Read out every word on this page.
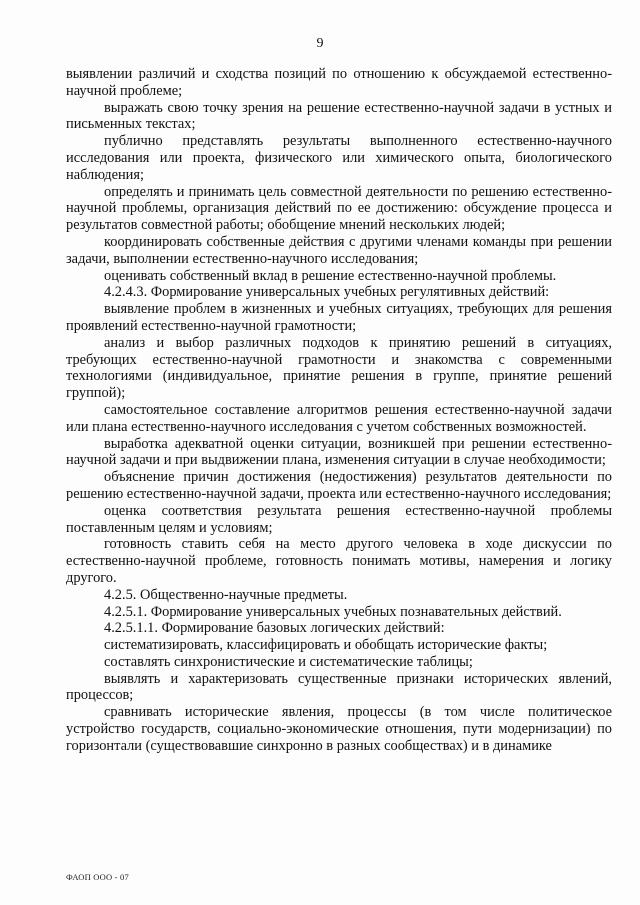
9

выявлении различий и сходства позиций по отношению к обсуждаемой естественно-научной проблеме;

выражать свою точку зрения на решение естественно-научной задачи в устных и письменных текстах;

публично представлять результаты выполненного естественно-научного исследования или проекта, физического или химического опыта, биологического наблюдения;

определять и принимать цель совместной деятельности по решению естественно-научной проблемы, организация действий по ее достижению: обсуждение процесса и результатов совместной работы; обобщение мнений нескольких людей;

координировать собственные действия с другими членами команды при решении задачи, выполнении естественно-научного исследования;

оценивать собственный вклад в решение естественно-научной проблемы.

4.2.4.3. Формирование универсальных учебных регулятивных действий:

выявление проблем в жизненных и учебных ситуациях, требующих для решения проявлений естественно-научной грамотности;

анализ и выбор различных подходов к принятию решений в ситуациях, требующих естественно-научной грамотности и знакомства с современными технологиями (индивидуальное, принятие решения в группе, принятие решений группой);

самостоятельное составление алгоритмов решения естественно-научной задачи или плана естественно-научного исследования с учетом собственных возможностей.

выработка адекватной оценки ситуации, возникшей при решении естественно-научной задачи и при выдвижении плана, изменения ситуации в случае необходимости;

объяснение причин достижения (недостижения) результатов деятельности по решению естественно-научной задачи, проекта или естественно-научного исследования;

оценка соответствия результата решения естественно-научной проблемы поставленным целям и условиям;

готовность ставить себя на место другого человека в ходе дискуссии по естественно-научной проблеме, готовность понимать мотивы, намерения и логику другого.

4.2.5. Общественно-научные предметы.

4.2.5.1. Формирование универсальных учебных познавательных действий.

4.2.5.1.1. Формирование базовых логических действий:

систематизировать, классифицировать и обобщать исторические факты;

составлять синхронистические и систематические таблицы;

выявлять и характеризовать существенные признаки исторических явлений, процессов;

сравнивать исторические явления, процессы (в том числе политическое устройство государств, социально-экономические отношения, пути модернизации) по горизонтали (существовавшие синхронно в разных сообществах) и в динамике

ФАОП ООО - 07
